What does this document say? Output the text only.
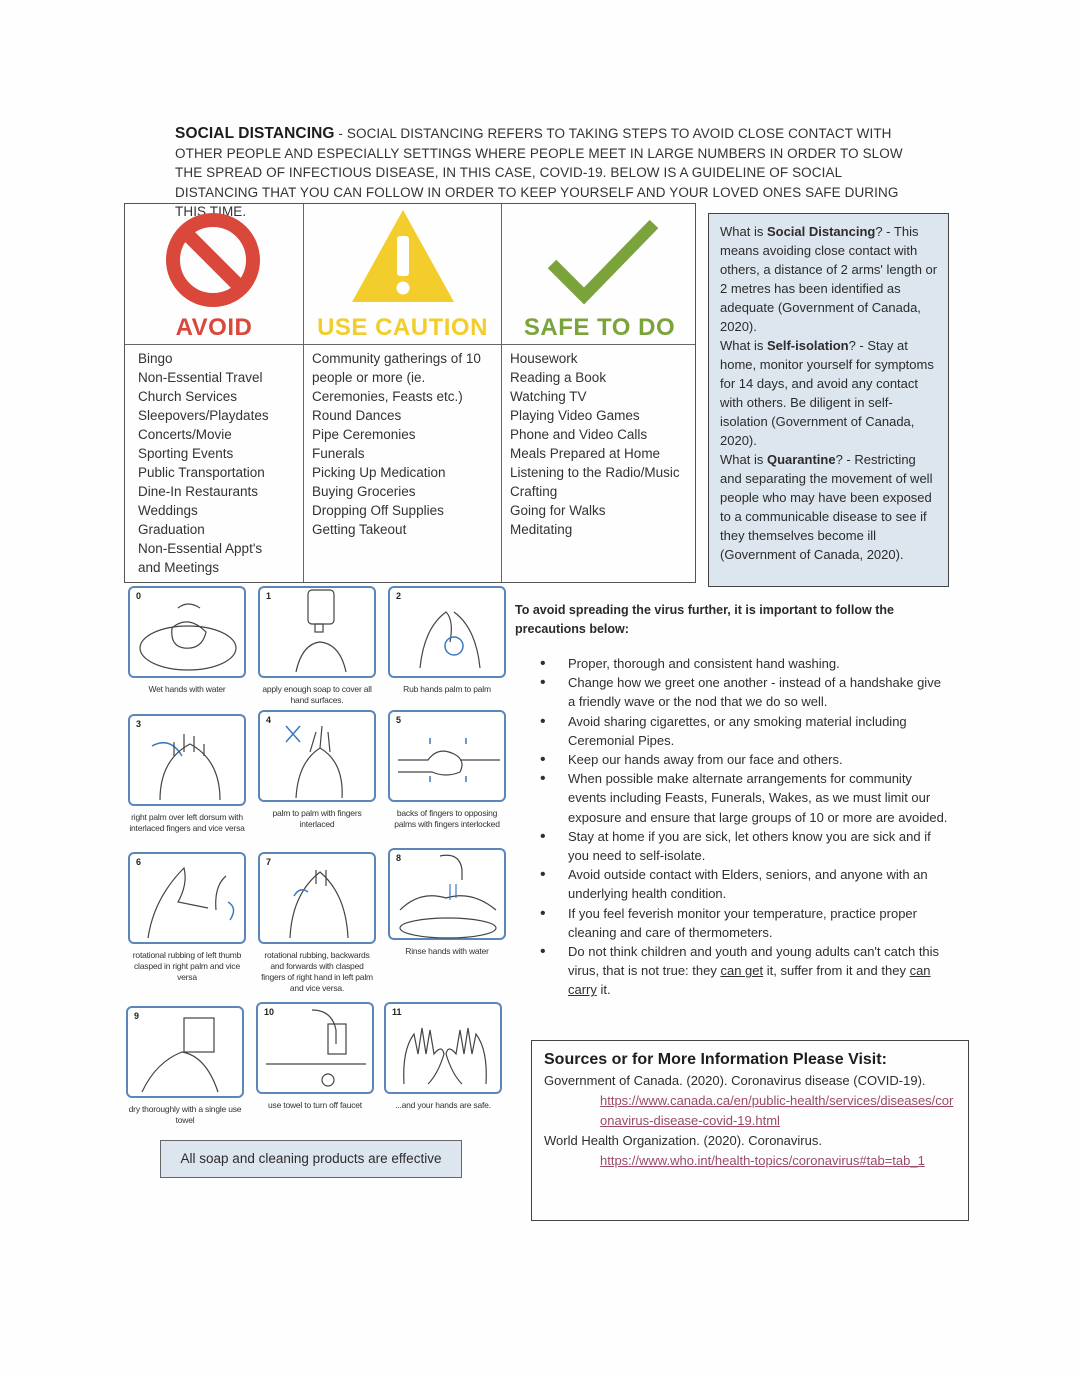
SOCIAL DISTANCING - SOCIAL DISTANCING REFERS TO TAKING STEPS TO AVOID CLOSE CONTACT WITH OTHER PEOPLE AND ESPECIALLY SETTINGS WHERE PEOPLE MEET IN LARGE NUMBERS IN ORDER TO SLOW THE SPREAD OF INFECTIOUS DISEASE, IN THIS CASE, COVID-19. BELOW IS A GUIDELINE OF SOCIAL DISTANCING THAT YOU CAN FOLLOW IN ORDER TO KEEP YOURSELF AND YOUR LOVED ONES SAFE DURING THIS TIME.
AVOID	USE CAUTION	SAFE TO DO
Bingo
Non-Essential Travel
Church Services
Sleepovers/Playdates
Concerts/Movie
Sporting Events
Public Transportation
Dine-In Restaurants
Weddings
Graduation
Non-Essential Appt's
and Meetings
Community gatherings of 10
people or more (ie.
Ceremonies, Feasts etc.)
Round Dances
Pipe Ceremonies
Funerals
Picking Up Medication
Buying Groceries
Dropping Off Supplies
Getting Takeout
Housework
Reading a Book
Watching TV
Playing Video Games
Phone and Video Calls
Meals Prepared at Home
Listening to the Radio/Music
Crafting
Going for Walks
Meditating
What is Social Distancing? - This means avoiding close contact with others, a distance of 2 arms' length or 2 metres has been identified as adequate (Government of Canada, 2020).
What is Self-isolation? - Stay at home, monitor yourself for symptoms for 14 days, and avoid any contact with others. Be diligent in self-isolation (Government of Canada, 2020).
What is Quarantine? - Restricting and separating the movement of well people who may have been exposed to a communicable disease to see if they themselves become ill (Government of Canada, 2020).
0
Wet hands with water
1
apply enough soap to cover all hand surfaces.
2
Rub hands palm to palm
3
right palm over left dorsum with interlaced fingers and vice versa
4
palm to palm with fingers interlaced
5
backs of fingers to opposing palms with fingers interlocked
6
rotational rubbing of left thumb clasped in right palm and vice versa
7
rotational rubbing, backwards and forwards with clasped fingers of right hand in left palm and vice versa.
8
Rinse hands with water
9
dry thoroughly with a single use towel
10
use towel to turn off faucet
11
...and your hands are safe.
All soap and cleaning products are effective
To avoid spreading the virus further, it is important to follow the precautions below:
• Proper, thorough and consistent hand washing.
• Change how we greet one another - instead of a handshake give a friendly wave or the nod that we do so well.
• Avoid sharing cigarettes, or any smoking material including Ceremonial Pipes.
• Keep our hands away from our face and others.
• When possible make alternate arrangements for community events including Feasts, Funerals, Wakes, as we must limit our exposure and ensure that large groups of 10 or more are avoided.
• Stay at home if you are sick, let others know you are sick and if you need to self-isolate.
• Avoid outside contact with Elders, seniors, and anyone with an underlying health condition.
• If you feel feverish monitor your temperature, practice proper cleaning and care of thermometers.
• Do not think children and youth and young adults can't catch this virus, that is not true: they can get it, suffer from it and they can carry it.
Sources or for More Information Please Visit:
Government of Canada. (2020). Coronavirus disease (COVID-19).
https://www.canada.ca/en/public-health/services/diseases/coronavirus-disease-covid-19.html
World Health Organization. (2020). Coronavirus.
https://www.who.int/health-topics/coronavirus#tab=tab_1
